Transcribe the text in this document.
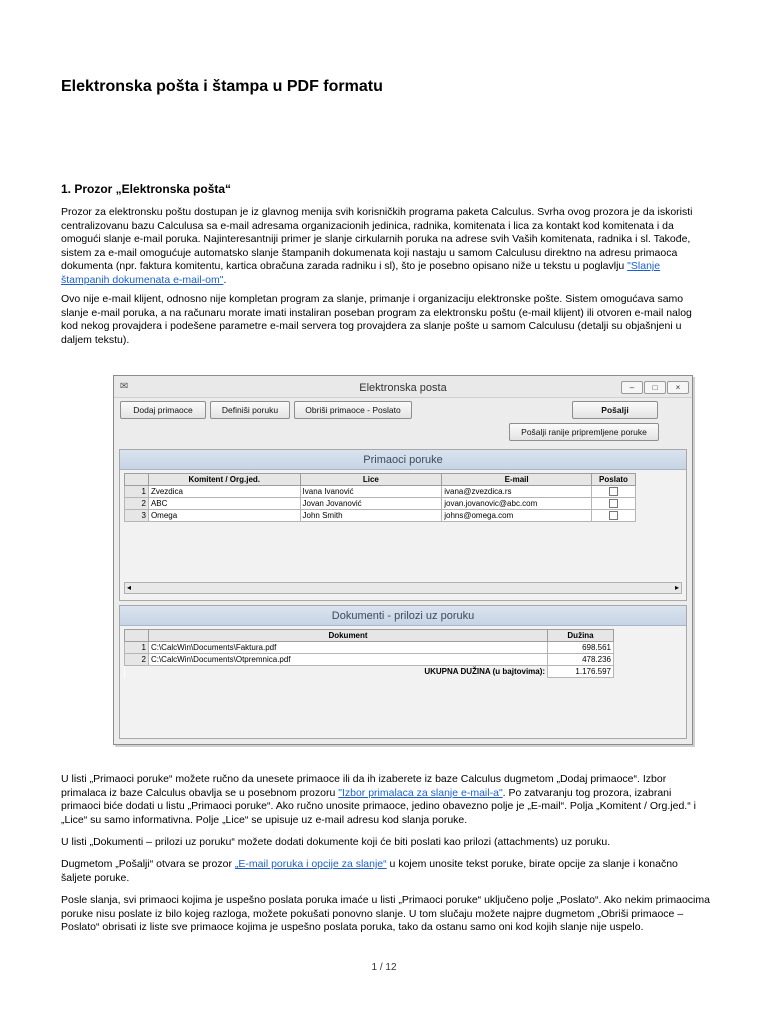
Elektronska pošta i štampa u PDF formatu
1. Prozor „Elektronska pošta“

Prozor za elektronsku poštu dostupan je iz glavnog menija svih korisničkih programa paketa Calculus. Svrha ovog prozora je da iskoristi centralizovanu bazu Calculusa sa e-mail adresama organizacionih jedinica, radnika, komitenata i lica za kontakt kod komitenata i da omogući slanje e-mail poruka. Najinteresantniji primer je slanje cirkularnih poruka na adrese svih Vaših komitenata, radnika i sl. Takođe, sistem za e-mail omogućuje automatsko slanje štampanih dokumenata koji nastaju u samom Calculusu direktno na adresu primaoca dokumenta (npr. faktura komitentu, kartica obračuna zarada radniku i sl), što je posebno opisano niže u tekstu u poglavlju "Slanje štampanih dokumenata e-mail-om".

Ovo nije e-mail klijent, odnosno nije kompletan program za slanje, primanje i organizaciju elektronske pošte. Sistem omogućava samo slanje e-mail poruka, a na računaru morate imati instaliran poseban program za elektronsku poštu (e-mail klijent) ili otvoren e-mail nalog kod nekog provajdera i podešene parametre e-mail servera tog provajdera za slanje pošte u samom Calculusu (detalji su objašnjeni u daljem tekstu).

✉	Elektronska posta	–	□	×
Dodaj primaoce	Definiši poruku	Obriši primaoce - Poslato	Pošalji
Pošalji ranije pripremljene poruke
Primaoci poruke
	Komitent / Org.jed.	Lice	E-mail	Poslato
1	Zvezdica	Ivana Ivanović	ivana@zvezdica.rs	
2	ABC	Jovan Jovanović	jovan.jovanovic@abc.com	
3	Omega	John Smith	johns@omega.com	
◂	▸
Dokumenti - prilozi uz poruku
	Dokument	Dužina
1	C:\CalcWin\Documents\Faktura.pdf	698.561
2	C:\CalcWin\Documents\Otpremnica.pdf	478.236
	UKUPNA DUŽINA (u bajtovima):	1.176.597

U listi „Primaoci poruke“ možete ručno da unesete primaoce ili da ih izaberete iz baze Calculus dugmetom „Dodaj primaoce“. Izbor primalaca iz baze Calculus obavlja se u posebnom prozoru "Izbor primalaca za slanje e-mail-a". Po zatvaranju tog prozora, izabrani primaoci biće dodati u listu „Primaoci poruke“. Ako ručno unosite primaoce, jedino obavezno polje je „E-mail“. Polja „Komitent / Org.jed.“ i „Lice“ su samo informativna. Polje „Lice“ se upisuje uz e-mail adresu kod slanja poruke.

U listi „Dokumenti – prilozi uz poruku“ možete dodati dokumente koji će biti poslati kao prilozi (attachments) uz poruku.

Dugmetom „Pošalji“ otvara se prozor „E-mail poruka i opcije za slanje“ u kojem unosite tekst poruke, birate opcije za slanje i konačno šaljete poruke.

Posle slanja, svi primaoci kojima je uspešno poslata poruka imaće u listi „Primaoci poruke“ uključeno polje „Poslato“. Ako nekim primaocima poruke nisu poslate iz bilo kojeg razloga, možete pokušati ponovno slanje. U tom slučaju možete najpre dugmetom „Obriši primaoce – Poslato“ obrisati iz liste sve primaoce kojima je uspešno poslata poruka, tako da ostanu samo oni kod kojih slanje nije uspelo.

1 / 12
